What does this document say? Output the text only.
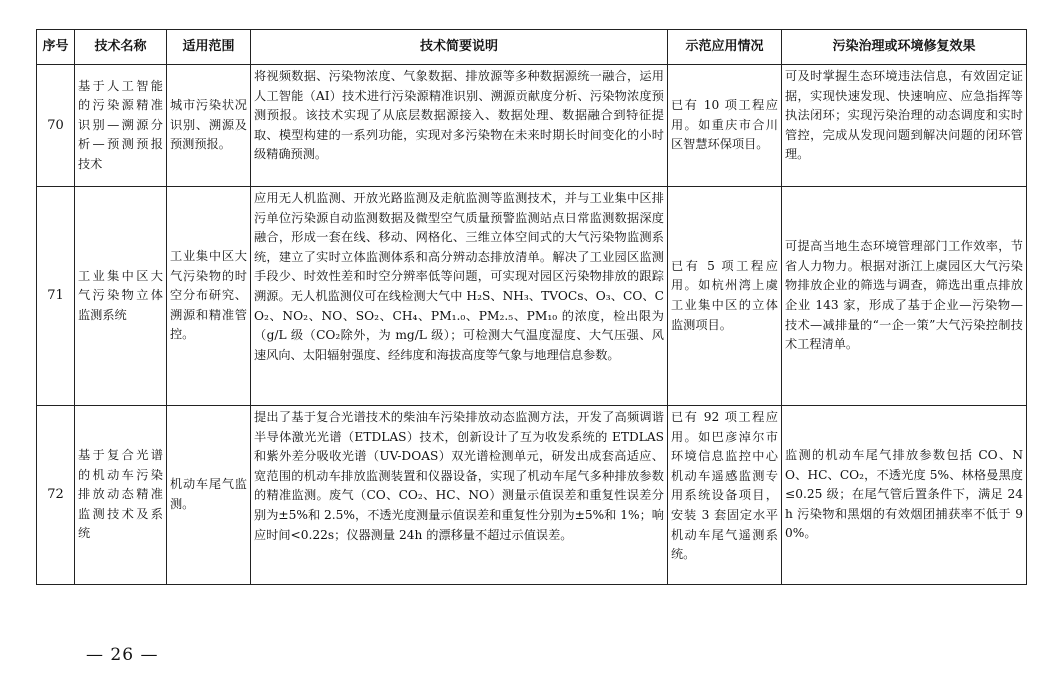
序号	技术名称	适用范围	技术简要说明	示范应用情况	污染治理或环境修复效果
70	基于人工智能的污染源精准识别—溯源分析—预测预报技术	城市污染状况识别、溯源及预测预报。	将视频数据、污染物浓度、气象数据、排放源等多种数据源统一融合，运用人工智能（AI）技术进行污染源精准识别、溯源贡献度分析、污染物浓度预测预报。该技术实现了从底层数据源接入、数据处理、数据融合到特征提取、模型构建的一系列功能，实现对多污染物在未来时期长时间变化的小时级精确预测。	已有 10 项工程应用。如重庆市合川区智慧环保项目。	可及时掌握生态环境违法信息，有效固定证据，实现快速发现、快速响应、应急指挥等执法闭环；实现污染治理的动态调度和实时管控，完成从发现问题到解决问题的闭环管理。
71	工业集中区大气污染物立体监测系统	工业集中区大气污染物的时空分布研究、溯源和精准管控。	应用无人机监测、开放光路监测及走航监测等监测技术，并与工业集中区排污单位污染源自动监测数据及微型空气质量预警监测站点日常监测数据深度融合，形成一套在线、移动、网格化、三维立体空间式的大气污染物监测系统，建立了实时立体监测体系和高分辨动态排放清单。解决了工业园区监测手段少、时效性差和时空分辨率低等问题，可实现对园区污染物排放的跟踪溯源。无人机监测仪可在线检测大气中 H₂S、NH₃、TVOCs、O₃、CO、CO₂、NO₂、NO、SO₂、CH₄、PM₁.₀、PM₂.₅、PM₁₀ 的浓度，检出限为（g/L 级（CO₂除外，为 mg/L 级）；可检测大气温度湿度、大气压强、风速风向、太阳辐射强度、经纬度和海拔高度等气象与地理信息参数。	已有 5 项工程应用。如杭州湾上虞工业集中区的立体监测项目。	可提高当地生态环境管理部门工作效率，节省人力物力。根据对浙江上虞园区大气污染物排放企业的筛选与调查，筛选出重点排放企业 143 家，形成了基于企业—污染物—技术—减排量的“一企一策”大气污染控制技术工程清单。
72	基于复合光谱的机动车污染排放动态精准监测技术及系统	机动车尾气监测。	提出了基于复合光谱技术的柴油车污染排放动态监测方法，开发了高频调谐半导体激光光谱（ETDLAS）技术，创新设计了互为收发系统的 ETDLAS 和紫外差分吸收光谱（UV-DOAS）双光谱检测单元，研发出成套高适应、宽范围的机动车排放监测装置和仪器设备，实现了机动车尾气多种排放参数的精准监测。废气（CO、CO₂、HC、NO）测量示值误差和重复性误差分别为±5%和 2.5%，不透光度测量示值误差和重复性分别为±5%和 1%；响应时间<0.22s；仪器测量 24h 的漂移量不超过示值误差。	已有 92 项工程应用。如巴彦淖尔市环境信息监控中心机动车遥感监测专用系统设备项目，安装 3 套固定水平机动车尾气遥测系统。	监测的机动车尾气排放参数包括 CO、NO、HC、CO₂，不透光度 5%、林格曼黑度≤0.25 级；在尾气管后置条件下，满足 24h 污染物和黑烟的有效烟团捕获率不低于 90%。
— 26 —
